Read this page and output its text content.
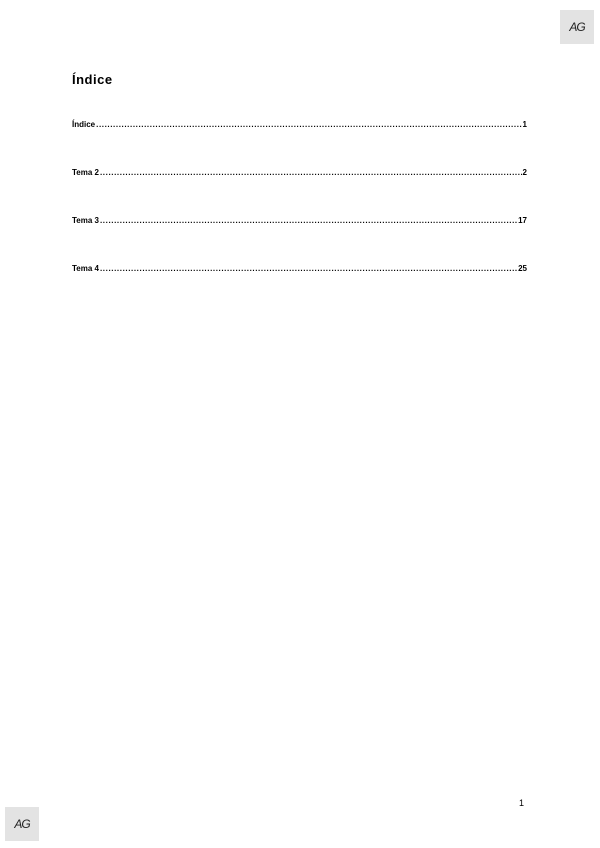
AG
Índice
Índice .....	1
Tema 2 .....	2
Tema 3 .....	17
Tema 4 .....	25
1
AG
